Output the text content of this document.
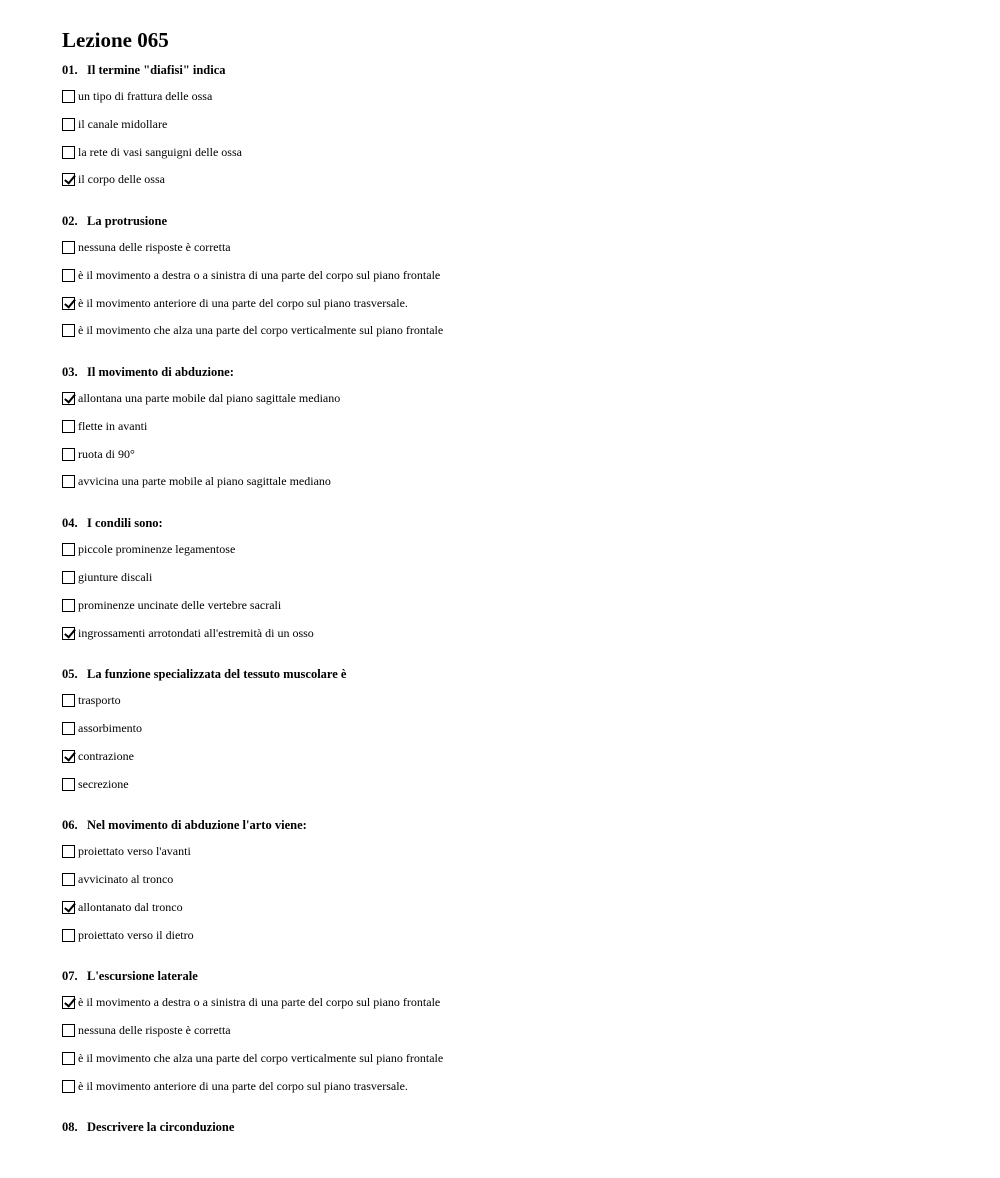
Lezione 065
01. Il termine "diafisi" indica
un tipo di frattura delle ossa
il canale midollare
la rete di vasi sanguigni delle ossa
il corpo delle ossa
02. La protrusione
nessuna delle risposte è corretta
è il movimento a destra o a sinistra di una parte del corpo sul piano frontale
è il movimento anteriore di una parte del corpo sul piano trasversale.
è il movimento che alza una parte del corpo verticalmente sul piano frontale
03. Il movimento di abduzione:
allontana una parte mobile dal piano sagittale mediano
flette in avanti
ruota di 90°
avvicina una parte mobile al piano sagittale mediano
04. I condili sono:
piccole prominenze legamentose
giunture discali
prominenze uncinate delle vertebre sacrali
ingrossamenti arrotondati all'estremità di un osso
05. La funzione specializzata del tessuto muscolare è
trasporto
assorbimento
contrazione
secrezione
06. Nel movimento di abduzione l'arto viene:
proiettato verso l'avanti
avvicinato al tronco
allontanato dal tronco
proiettato verso il dietro
07. L'escursione laterale
è il movimento a destra o a sinistra di una parte del corpo sul piano frontale
nessuna delle risposte è corretta
è il movimento che alza una parte del corpo verticalmente sul piano frontale
è il movimento anteriore di una parte del corpo sul piano trasversale.
08. Descrivere la circonduzione
